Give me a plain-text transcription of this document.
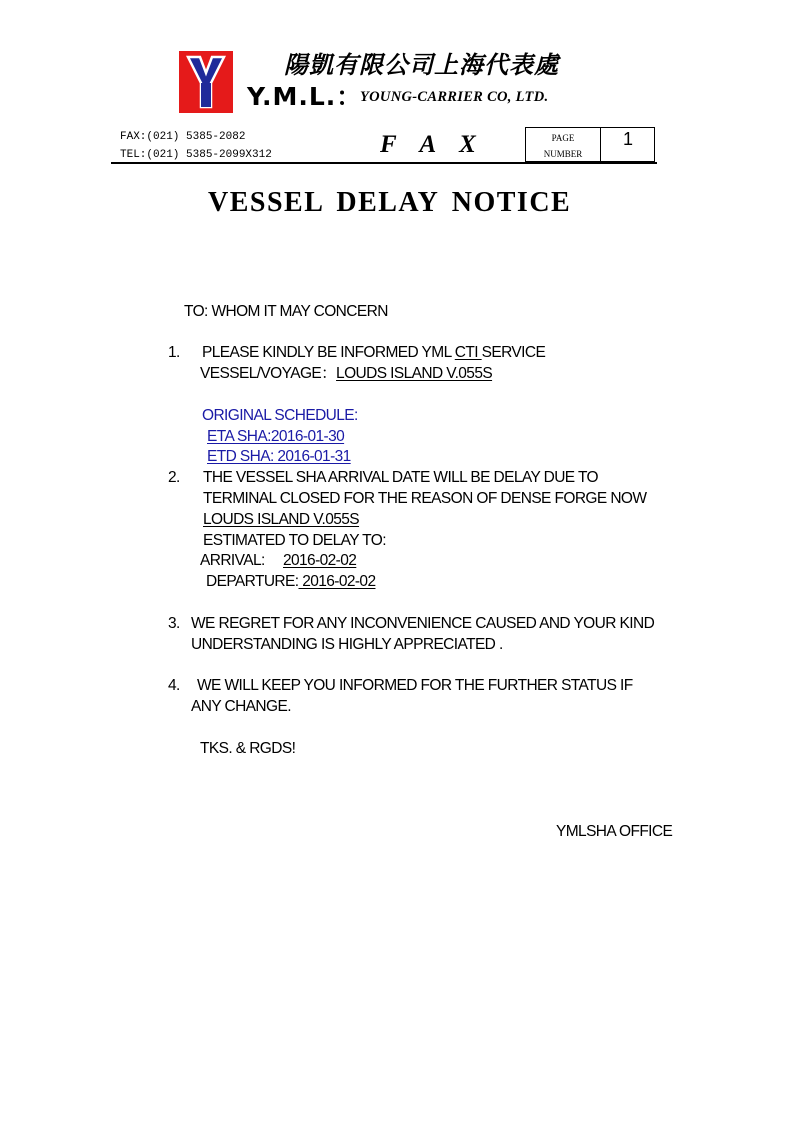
陽凱有限公司上海代表處
Y.M.L.：
YOUNG-CARRIER CO, LTD.
FAX:(021) 5385-2082
TEL:(021) 5385-2099X312	F A X	PAGE
NUMBER
1
VESSEL DELAY NOTICE
TO: WHOM IT MAY CONCERN
1. PLEASE KINDLY BE INFORMED YML CTI SERVICE
VESSEL/VOYAGE：LOUDS ISLAND V.055S
ORIGINAL SCHEDULE:
ETA SHA:2016-01-30
ETD SHA: 2016-01-31
2. THE VESSEL SHA ARRIVAL DATE WILL BE DELAY DUE TO
TERMINAL CLOSED FOR THE REASON OF DENSE FORGE NOW
LOUDS ISLAND V.055S
ESTIMATED TO DELAY TO:
ARRIVAL: 2016-02-02
DEPARTURE: 2016-02-02
3. WE REGRET FOR ANY INCONVENIENCE CAUSED AND YOUR KIND
UNDERSTANDING IS HIGHLY APPRECIATED .
4. WE WILL KEEP YOU INFORMED FOR THE FURTHER STATUS IF
ANY CHANGE.
TKS. & RGDS!
YMLSHA OFFICE
